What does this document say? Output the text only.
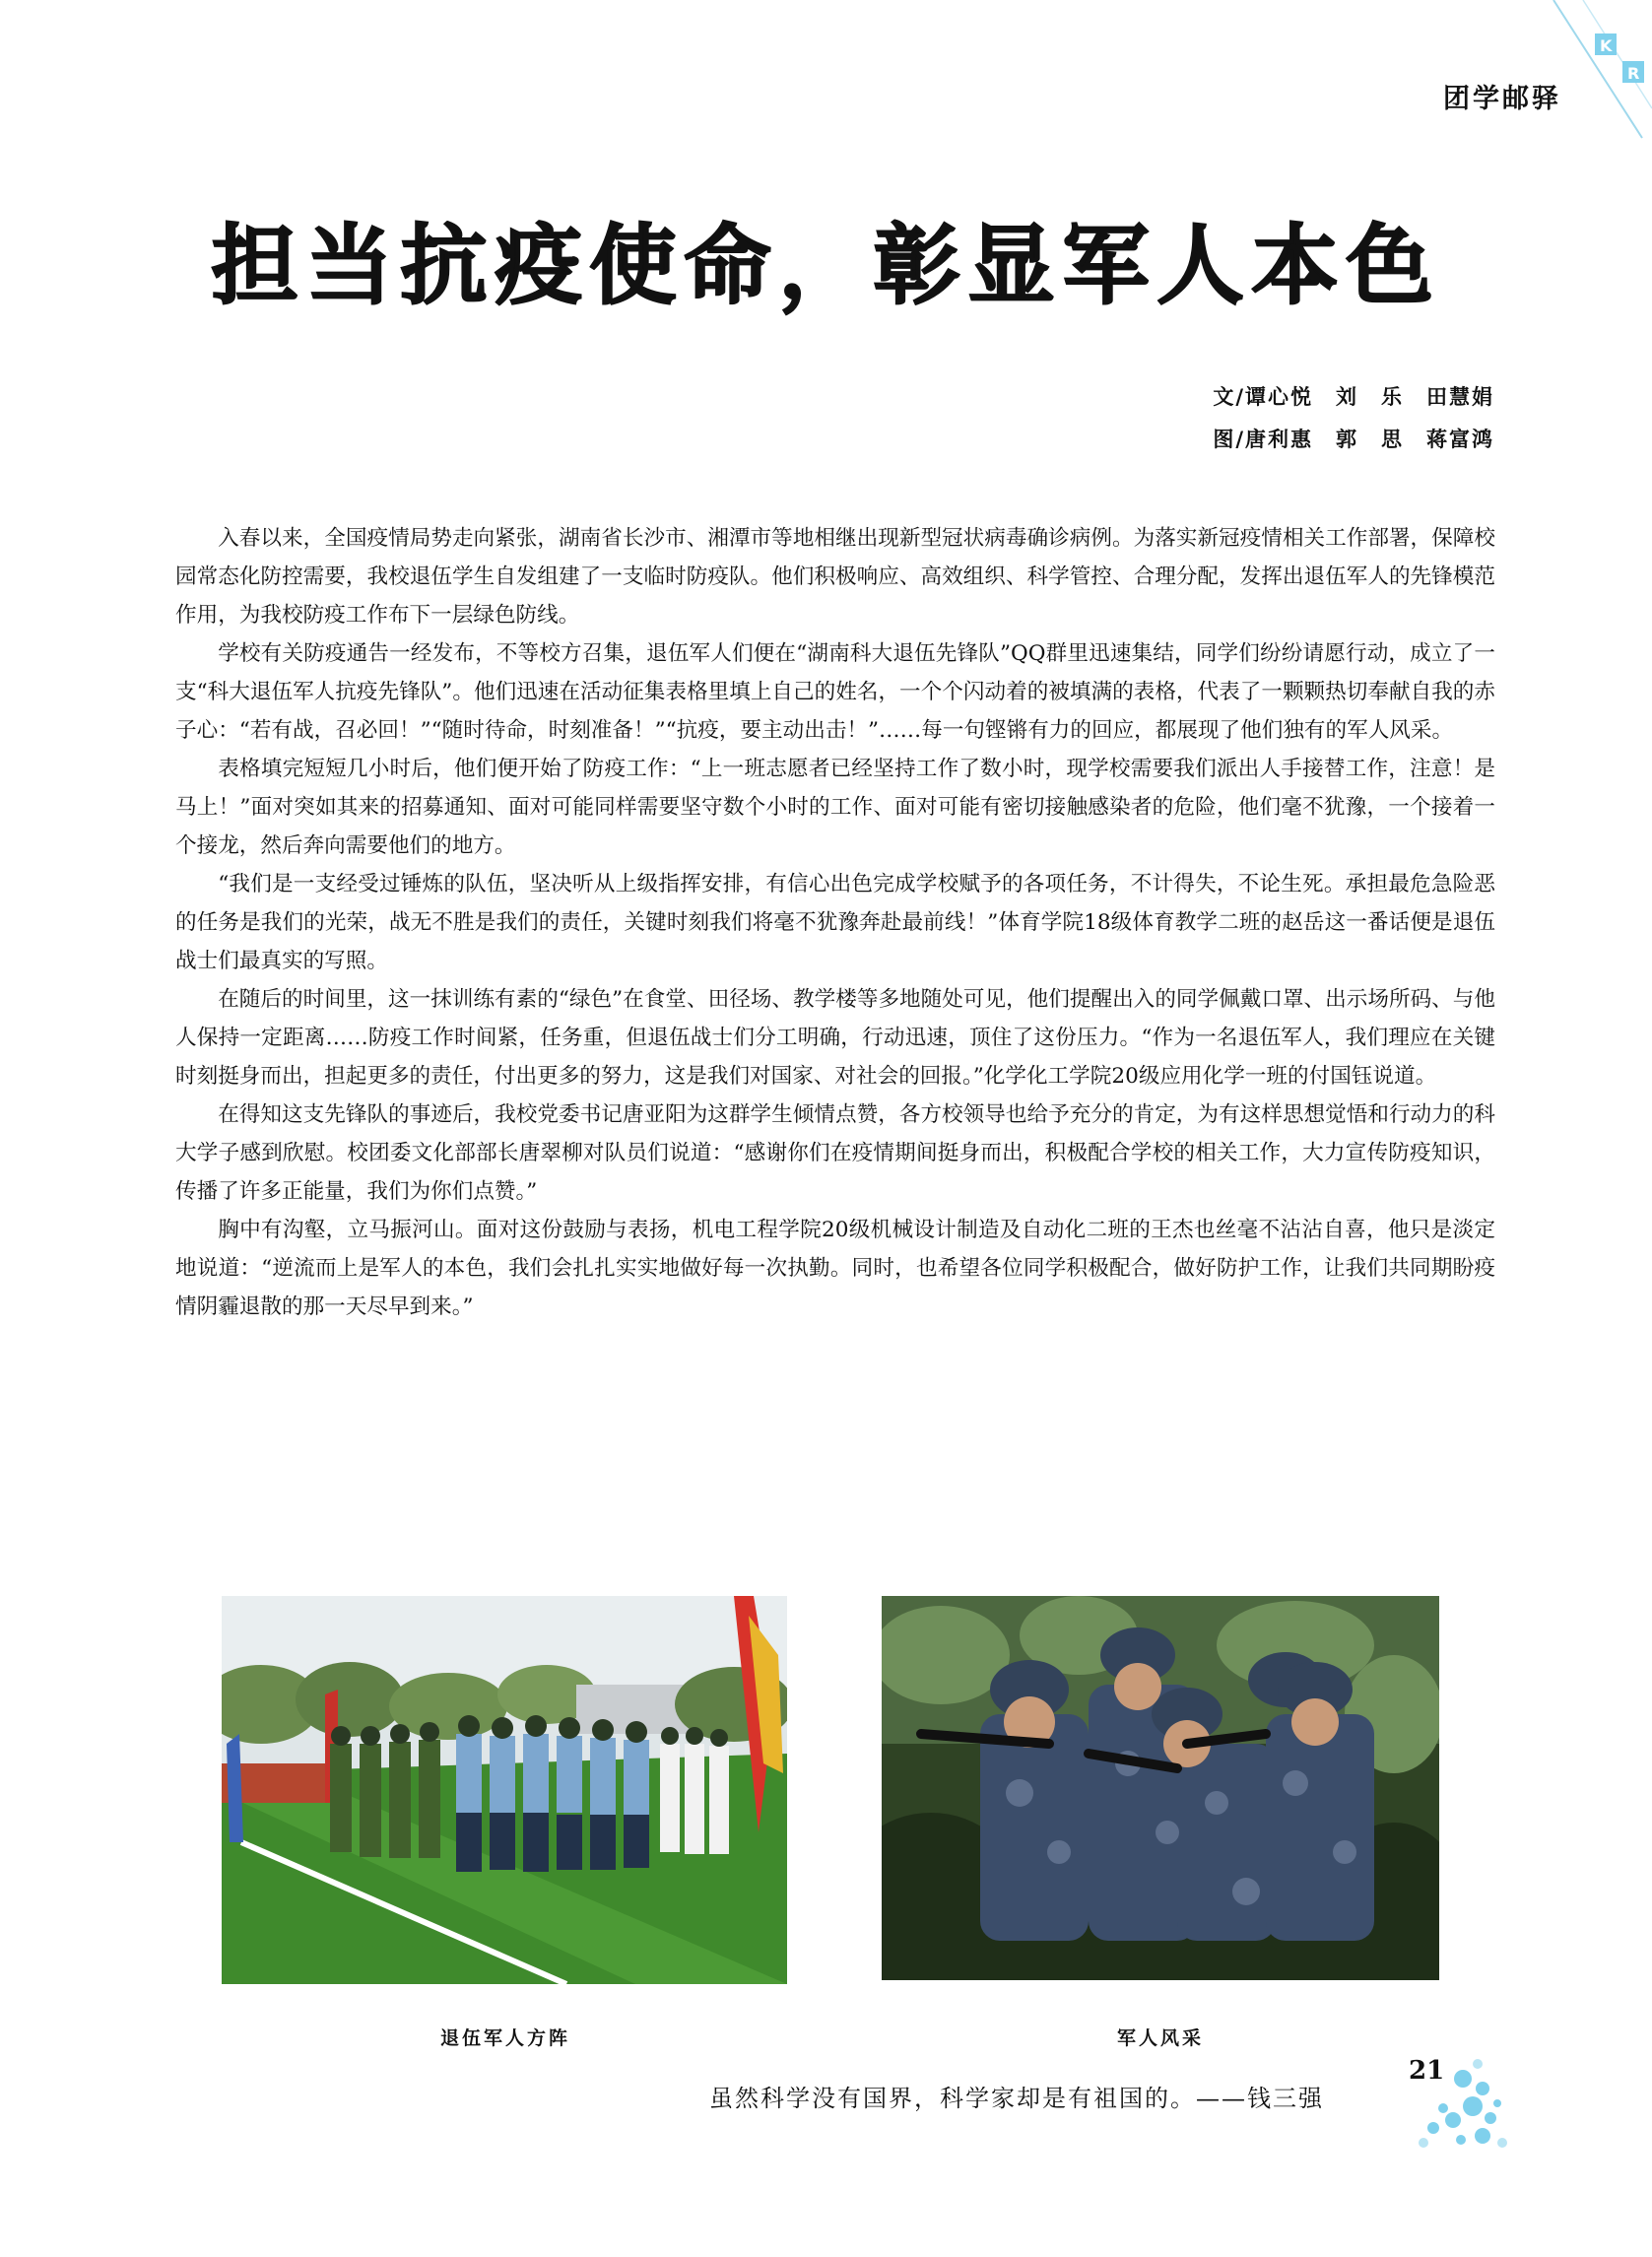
K
R
团学邮驿
担当抗疫使命，彰显军人本色
文/谭心悦　刘　乐　田慧娟
图/唐利惠　郭　思　蒋富鸿

入春以来，全国疫情局势走向紧张，湖南省长沙市、湘潭市等地相继出现新型冠状病毒确诊病例。为落实新冠疫情相关工作部署，保障校园常态化防控需要，我校退伍学生自发组建了一支临时防疫队。他们积极响应、高效组织、科学管控、合理分配，发挥出退伍军人的先锋模范作用，为我校防疫工作布下一层绿色防线。

学校有关防疫通告一经发布，不等校方召集，退伍军人们便在“湖南科大退伍先锋队”QQ群里迅速集结，同学们纷纷请愿行动，成立了一支“科大退伍军人抗疫先锋队”。他们迅速在活动征集表格里填上自己的姓名，一个个闪动着的被填满的表格，代表了一颗颗热切奉献自我的赤子心：“若有战，召必回！”“随时待命，时刻准备！”“抗疫，要主动出击！”……每一句铿锵有力的回应，都展现了他们独有的军人风采。

表格填完短短几小时后，他们便开始了防疫工作：“上一班志愿者已经坚持工作了数小时，现学校需要我们派出人手接替工作，注意！是马上！”面对突如其来的招募通知、面对可能同样需要坚守数个小时的工作、面对可能有密切接触感染者的危险，他们毫不犹豫，一个接着一个接龙，然后奔向需要他们的地方。

“我们是一支经受过锤炼的队伍，坚决听从上级指挥安排，有信心出色完成学校赋予的各项任务，不计得失，不论生死。承担最危急险恶的任务是我们的光荣，战无不胜是我们的责任，关键时刻我们将毫不犹豫奔赴最前线！”体育学院18级体育教学二班的赵岳这一番话便是退伍战士们最真实的写照。

在随后的时间里，这一抹训练有素的“绿色”在食堂、田径场、教学楼等多地随处可见，他们提醒出入的同学佩戴口罩、出示场所码、与他人保持一定距离……防疫工作时间紧，任务重，但退伍战士们分工明确，行动迅速，顶住了这份压力。“作为一名退伍军人，我们理应在关键时刻挺身而出，担起更多的责任，付出更多的努力，这是我们对国家、对社会的回报。”化学化工学院20级应用化学一班的付国钰说道。

在得知这支先锋队的事迹后，我校党委书记唐亚阳为这群学生倾情点赞，各方校领导也给予充分的肯定，为有这样思想觉悟和行动力的科大学子感到欣慰。校团委文化部部长唐翠柳对队员们说道：“感谢你们在疫情期间挺身而出，积极配合学校的相关工作，大力宣传防疫知识，传播了许多正能量，我们为你们点赞。”

胸中有沟壑，立马振河山。面对这份鼓励与表扬，机电工程学院20级机械设计制造及自动化二班的王杰也丝毫不沾沾自喜，他只是淡定地说道：“逆流而上是军人的本色，我们会扎扎实实地做好每一次执勤。同时，也希望各位同学积极配合，做好防护工作，让我们共同期盼疫情阴霾退散的那一天尽早到来。”

退伍军人方阵	军人风采
虽然科学没有国界，科学家却是有祖国的。——钱三强
21
